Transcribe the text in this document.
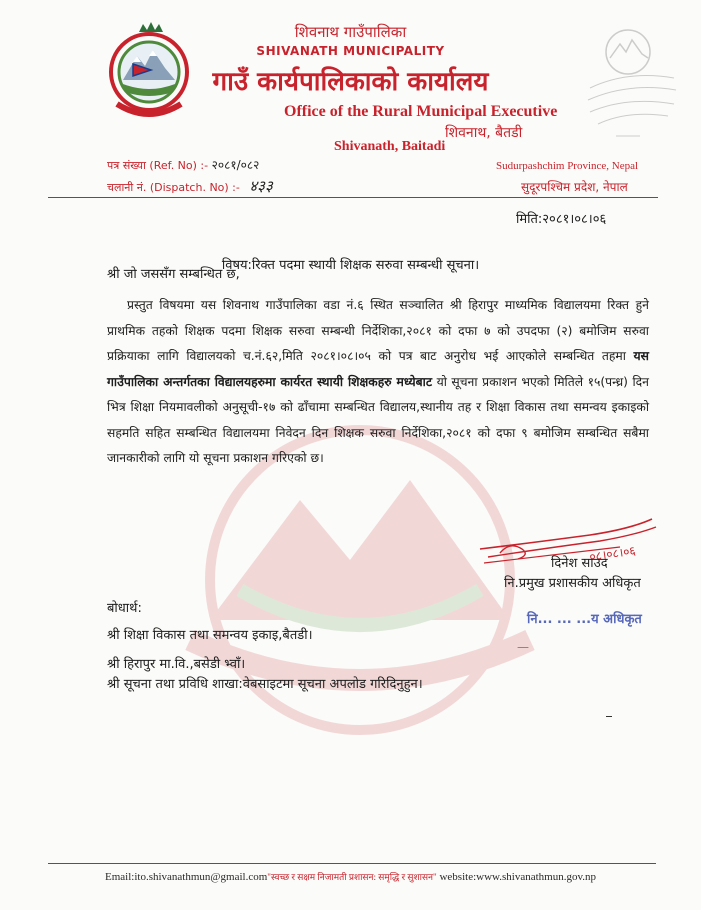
शिवनाथ गाउँपालिका
SHIVANATH MUNICIPALITY
गाउँ कार्यपालिकाको कार्यालय
Office of the Rural Municipal Executive
शिवनाथ, बैतडी
Shivanath, Baitadi
पत्र संख्या (Ref. No) :- २०८१/०८२
चलानी नं. (Dispatch. No) :- ४३३
Sudurpashchim Province, Nepal
सुदूरपश्चिम प्रदेश, नेपाल
मिति:२०८१।०८।०६
विषय:रिक्त पदमा स्थायी शिक्षक सरुवा सम्बन्धी सूचना।
श्री जो जससँग सम्बन्धित छ,
प्रस्तुत विषयमा यस शिवनाथ गाउँपालिका वडा नं.६ स्थित सञ्चालित श्री हिरापुर माध्यमिक विद्यालयमा रिक्त हुने प्राथमिक तहको शिक्षक पदमा शिक्षक सरुवा सम्बन्धी निर्देशिका,२०८१ को दफा ७ को उपदफा (२) बमोजिम सरुवा प्रक्रियाका लागि विद्यालयको च.नं.६२,मिति २०८१।०८।०५ को पत्र बाट अनुरोध भई आएकोले सम्बन्धित तहमा यस गाउँपालिका अन्तर्गतका विद्यालयहरुमा कार्यरत स्थायी शिक्षकहरु मध्येबाट यो सूचना प्रकाशन भएको मितिले १५(पन्ध्र) दिन भित्र शिक्षा नियमावलीको अनुसूची-१७ को ढाँचामा सम्बन्धित विद्यालय,स्थानीय तह र शिक्षा विकास तथा समन्वय इकाइको सहमति सहित सम्बन्धित विद्यालयमा निवेदन दिन शिक्षक सरुवा निर्देशिका,२०८१ को दफा ९ बमोजिम सम्बन्धित सबैमा जानकारीको लागि यो सूचना प्रकाशन गरिएको छ।
०८।०८।०६
दिनेश साउद
नि.प्रमुख प्रशासकीय अधिकृत
नि... ... ...य अधिकृत
—
बोधार्थ:
श्री शिक्षा विकास तथा समन्वय इकाइ,बैतडी।
श्री हिरापुर मा.वि.,बसेडी भ्वाँ।
श्री सूचना तथा प्रविधि शाखा:वेबसाइटमा सूचना अपलोड गरिदिनुहुन।
Email:ito.shivanathmun@gmail.com"स्वच्छ र सक्षम निजामती प्रशासन: समृद्धि र सुशासन" website:www.shivanathmun.gov.np
